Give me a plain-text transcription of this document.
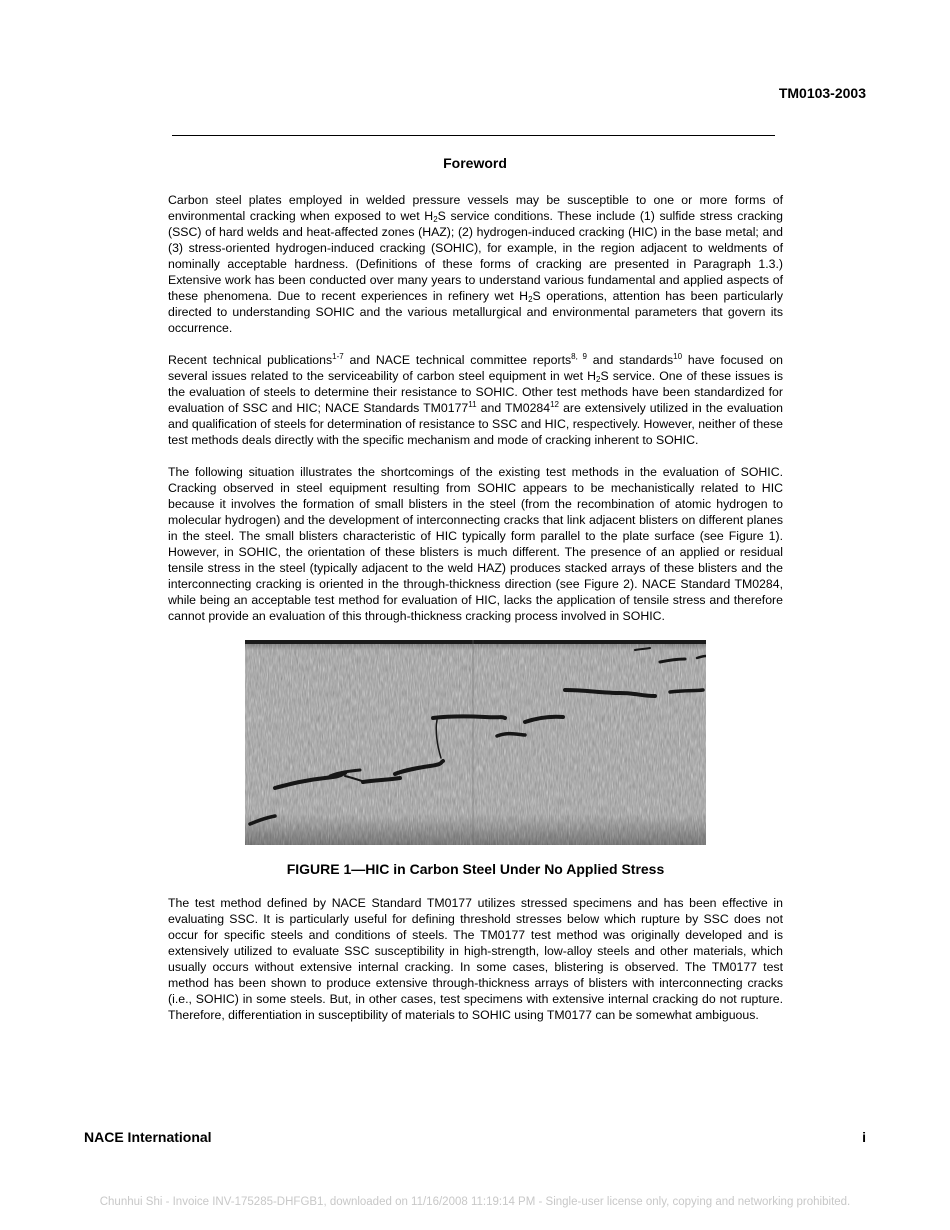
TM0103-2003
Foreword

Carbon steel plates employed in welded pressure vessels may be susceptible to one or more forms of environmental cracking when exposed to wet $H_2S$ service conditions. These include (1) sulfide stress cracking (SSC) of hard welds and heat-affected zones (HAZ); (2) hydrogen-induced cracking (HIC) in the base metal; and (3) stress-oriented hydrogen-induced cracking (SOHIC), for example, in the region adjacent to weldments of nominally acceptable hardness. (Definitions of these forms of cracking are presented in Paragraph 1.3.) Extensive work has been conducted over many years to understand various fundamental and applied aspects of these phenomena. Due to recent experiences in refinery wet $H_2S$ operations, attention has been particularly directed to understanding SOHIC and the various metallurgical and environmental parameters that govern its occurrence.

Recent technical publications$^{1-7}$ and NACE technical committee reports$^{8, 9}$ and standards$^{10}$ have focused on several issues related to the serviceability of carbon steel equipment in wet $H_2S$ service. One of these issues is the evaluation of steels to determine their resistance to SOHIC. Other test methods have been standardized for evaluation of SSC and HIC; NACE Standards TM0177$^{11}$ and TM0284$^{12}$ are extensively utilized in the evaluation and qualification of steels for determination of resistance to SSC and HIC, respectively. However, neither of these test methods deals directly with the specific mechanism and mode of cracking inherent to SOHIC.

The following situation illustrates the shortcomings of the existing test methods in the evaluation of SOHIC. Cracking observed in steel equipment resulting from SOHIC appears to be mechanistically related to HIC because it involves the formation of small blisters in the steel (from the recombination of atomic hydrogen to molecular hydrogen) and the development of interconnecting cracks that link adjacent blisters on different planes in the steel. The small blisters characteristic of HIC typically form parallel to the plate surface (see Figure 1). However, in SOHIC, the orientation of these blisters is much different. The presence of an applied or residual tensile stress in the steel (typically adjacent to the weld HAZ) produces stacked arrays of these blisters and the interconnecting cracking is oriented in the through-thickness direction (see Figure 2). NACE Standard TM0284, while being an acceptable test method for evaluation of HIC, lacks the application of tensile stress and therefore cannot provide an evaluation of this through-thickness cracking process involved in SOHIC.

FIGURE 1—HIC in Carbon Steel Under No Applied Stress

The test method defined by NACE Standard TM0177 utilizes stressed specimens and has been effective in evaluating SSC. It is particularly useful for defining threshold stresses below which rupture by SSC does not occur for specific steels and conditions of steels. The TM0177 test method was originally developed and is extensively utilized to evaluate SSC susceptibility in high-strength, low-alloy steels and other materials, which usually occurs without extensive internal cracking. In some cases, blistering is observed. The TM0177 test method has been shown to produce extensive through-thickness arrays of blisters with interconnecting cracks (i.e., SOHIC) in some steels. But, in other cases, test specimens with extensive internal cracking do not rupture. Therefore, differentiation in susceptibility of materials to SOHIC using TM0177 can be somewhat ambiguous.

NACE International	i
Chunhui Shi - Invoice INV-175285-DHFGB1, downloaded on 11/16/2008 11:19:14 PM - Single-user license only, copying and networking prohibited.
